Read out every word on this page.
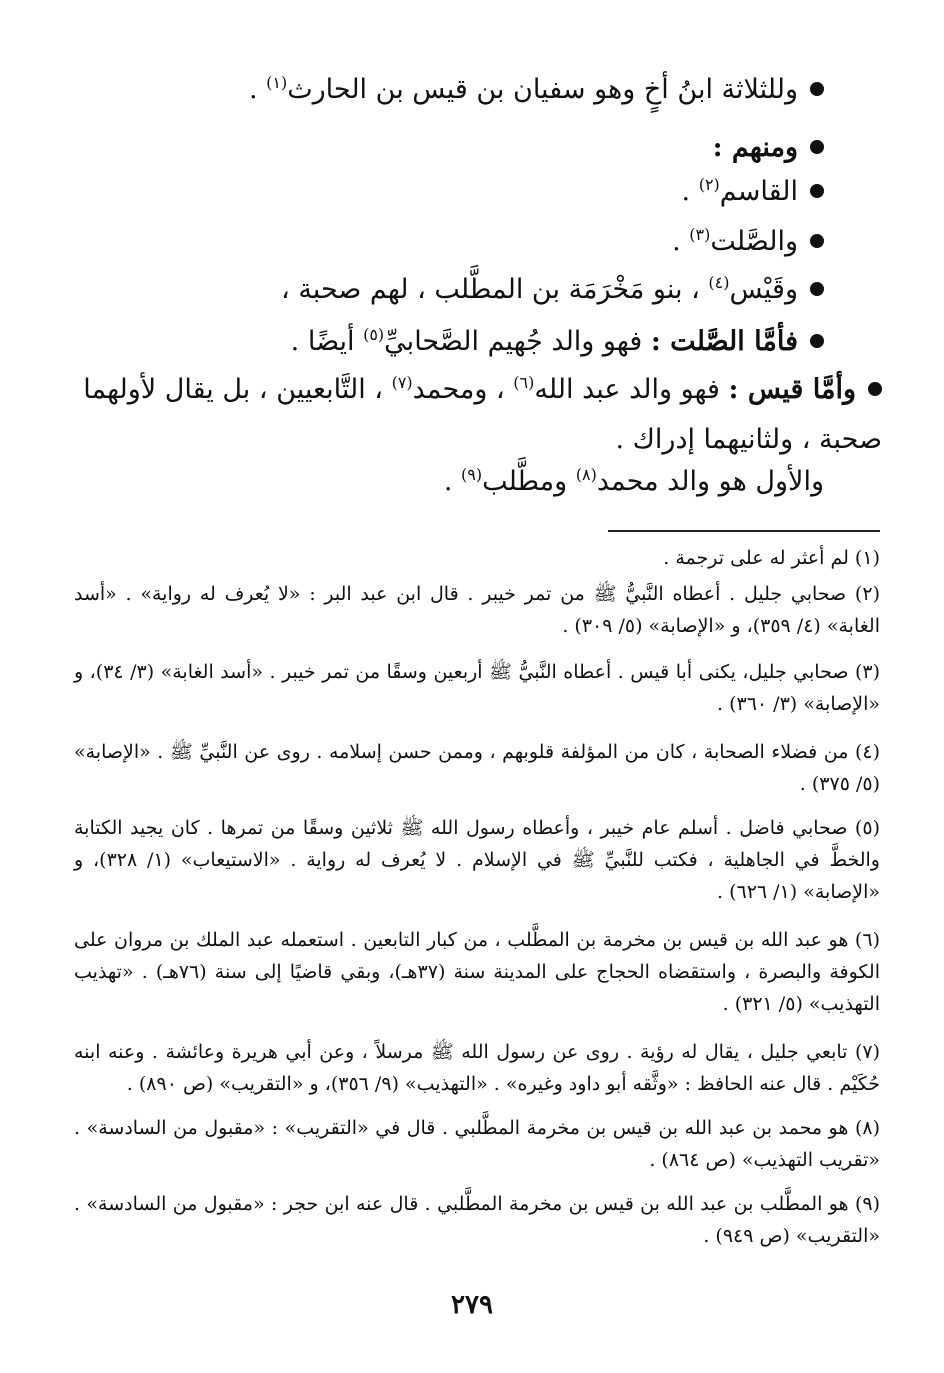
وللثلاثة ابنُ أخٍ وهو سفيان بن قيس بن الحارث$^{(١)}$ .
ومنهم :
القاسم$^{(٢)}$ .
والصَّلت$^{(٣)}$ .
وقَيْس$^{(٤)}$ ، بنو مَخْرَمَة بن المطَّلب ، لهم صحبة ،
فأمَّا الصَّلت : فهو والد جُهيم الصَّحابيِّ$^{(٥)}$ أيضًا .
وأمَّا قيس : فهو والد عبد الله$^{(٦)}$ ، ومحمد$^{(٧)}$ ، التَّابعيين ، بل يقال لأولهما
صحبة ، ولثانيهما إدراك .
والأول هو والد محمد$^{(٨)}$ ومطَّلب$^{(٩)}$ .
(١) لم أعثر له على ترجمة .
(٢) صحابي جليل . أعطاه النَّبيُّ ﷺ من تمر خيبر . قال ابن عبد البر : «لا يُعرف له رواية» . «أسد الغابة» (٤/ ٣٥٩)، و «الإصابة» (٥/ ٣٠٩) .
(٣) صحابي جليل، يكنى أبا قيس . أعطاه النَّبيُّ ﷺ أربعين وسقًا من تمر خيبر . «أسد الغابة» (٣/ ٣٤)، و «الإصابة» (٣/ ٣٦٠) .
(٤) من فضلاء الصحابة ، كان من المؤلفة قلوبهم ، وممن حسن إسلامه . روى عن النَّبيِّ ﷺ . «الإصابة» (٥/ ٣٧٥) .
(٥) صحابي فاضل . أسلم عام خيبر ، وأعطاه رسول الله ﷺ ثلاثين وسقًا من تمرها . كان يجيد الكتابة والخطَّ في الجاهلية ، فكتب للنَّبيِّ ﷺ في الإسلام . لا يُعرف له رواية . «الاستيعاب» (١/ ٣٢٨)، و «الإصابة» (١/ ٦٢٦) .
(٦) هو عبد الله بن قيس بن مخرمة بن المطَّلب ، من كبار التابعين . استعمله عبد الملك بن مروان على الكوفة والبصرة ، واستقضاه الحجاج على المدينة سنة (٣٧هـ)، وبقي قاضيًا إلى سنة (٧٦هـ) . «تهذيب التهذيب» (٥/ ٣٢١) .
(٧) تابعي جليل ، يقال له رؤية . روى عن رسول الله ﷺ مرسلاً ، وعن أبي هريرة وعائشة . وعنه ابنه حُكَيْم . قال عنه الحافظ : «وثَّقه أبو داود وغيره» . «التهذيب» (٩/ ٣٥٦)، و «التقريب» (ص ٨٩٠) .
(٨) هو محمد بن عبد الله بن قيس بن مخرمة المطَّلبي . قال في «التقريب» : «مقبول من السادسة» . «تقريب التهذيب» (ص ٨٦٤) .
(٩) هو المطَّلب بن عبد الله بن قيس بن مخرمة المطَّلبي . قال عنه ابن حجر : «مقبول من السادسة» . «التقريب» (ص ٩٤٩) .
٢٧٩
